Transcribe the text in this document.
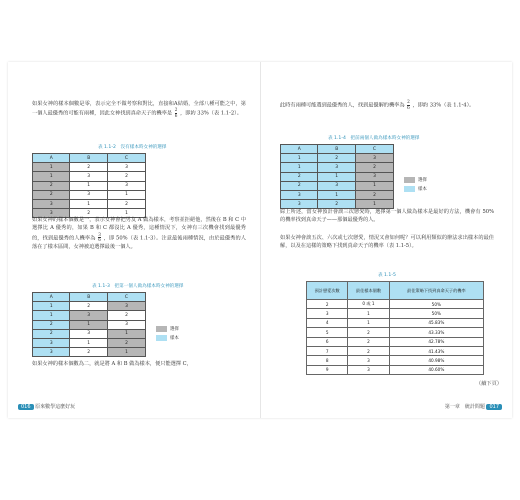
如果女神的樣本個數是零，表示完全不做考察和對比，直接和A結婚，全部八種可能之中，第一個人最優秀的可能有兩種，因此女神找到真命天子的機率是 $\frac{2}{6}$ ，即約 33%（表 1.1-2）。
表 1.1-2　沒有樣本時女神的選擇
A	B	C
1	2	3
1	3	2
2	1	3
2	3	1
3	1	2
3	2	1
如果女神的樣本個數是一，表示女神會把男友 A 做為樣本，考察並拒絕他，然後在 B 和 C 中選擇比 A 優秀的，如果 B 和 C 都沒比 A 優秀，這種情況下，女神有三次機會找到最優秀的，找到最優秀的人機率為 $\frac{3}{6}$ ，即 50%（表 1.1-3）。注意最後兩種情況，由於最優秀的人落在了樣本區間，女神被迫選擇最後一個人。
表 1.1-3　把第一個人做為樣本時女神的選擇
A	B	C
1	2	3
1	3	2
2	1	3
2	3	1
3	1	2
3	2	1
選擇
樣本
如果女神的樣本個數為二，就是將 A 和 B 做為樣本，便只能選擇 C，
016 原來數學這麼好玩
此時有兩種可能選到最優秀的人，找到最優解的機率為 $\frac{2}{6}$ ，即約 33%（表 1.1-4）。
表 1.1-4　把前兩個人做為樣本時女神的選擇
A	B	C
1	2	3
1	3	2
2	1	3
2	3	1
3	1	2
3	2	1
選擇
樣本
綜上所述，當女神預計會談三次戀愛時，選擇第一個人做為樣本是最好的方法，機會有 50% 的機率找到真命天子——那個最優秀的人。
如果女神會談五次、六次或七次戀愛，情況又會如何呢？可以利用類似的辦法求出樣本的最佳解，以及在這樣的策略下找到真命天子的機率（表 1.1-5）。
表 1.1-5
預計戀愛次數	最佳樣本個數	最佳策略下找到真命天子的機率
2	0 或 1	50%
3	1	50%
4	1	45.83%
5	2	43.33%
6	2	42.78%
7	2	41.43%
8	3	40.98%
9	3	40.60%
（續下頁）
第一章　統計問題 017
